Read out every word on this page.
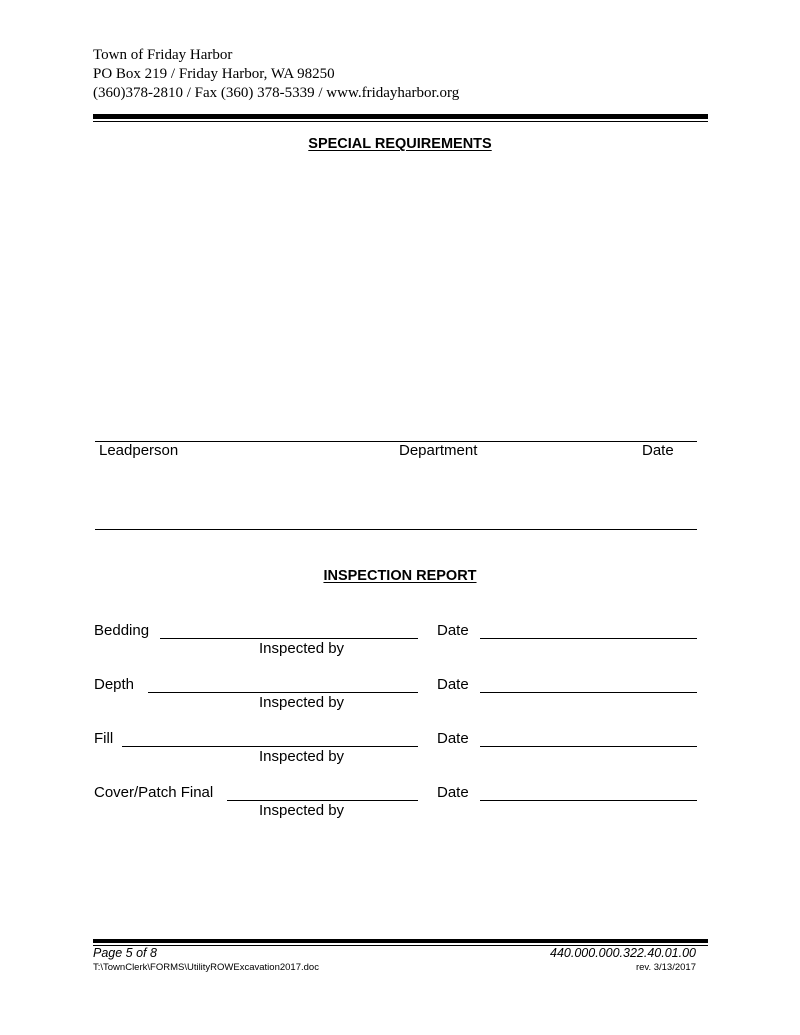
Town of Friday Harbor
PO Box 219 / Friday Harbor, WA 98250
(360)378-2810 / Fax (360) 378-5339 / www.fridayharbor.org
SPECIAL REQUIREMENTS
Leadperson	Department	Date
INSPECTION REPORT
Bedding	Date
Inspected by
Depth	Date
Inspected by
Fill	Date
Inspected by
Cover/Patch Final	Date
Inspected by
Page 5 of 8	440.000.000.322.40.01.00
T:\TownClerk\FORMS\UtilityROWExcavation2017.doc	rev. 3/13/2017
